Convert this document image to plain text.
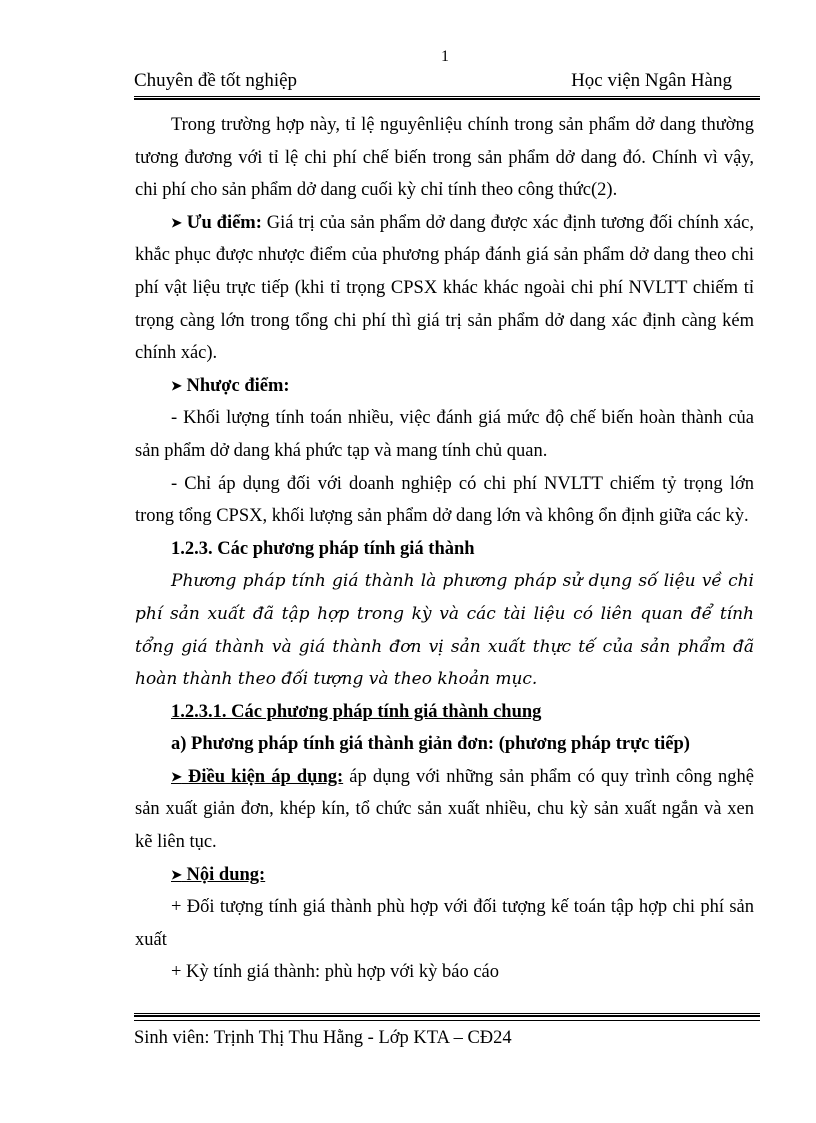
1
Chuyên đề tốt nghiệp	Học viện Ngân Hàng

Trong trường hợp này, tỉ lệ nguyênliệu chính trong sản phẩm dở dang thường tương đương với tỉ lệ chi phí chế biến trong sản phẩm dở dang đó. Chính vì vậy, chi phí cho sản phẩm dở dang cuối kỳ chỉ tính theo công thức(2).

➤ Ưu điểm: Giá trị của sản phẩm dở dang được xác định tương đối chính xác, khắc phục được nhược điểm của phương pháp đánh giá sản phẩm dở dang theo chi phí vật liệu trực tiếp (khi tỉ trọng CPSX khác khác ngoài chi phí NVLTT chiếm tỉ trọng càng lớn trong tổng chi phí thì giá trị sản phẩm dở dang xác định càng kém chính xác).

➤ Nhược điểm:

- Khối lượng tính toán nhiều, việc đánh giá mức độ chế biến hoàn thành của sản phẩm dở dang khá phức tạp và mang tính chủ quan.

- Chỉ áp dụng đối với doanh nghiệp có chi phí NVLTT chiếm tỷ trọng lớn trong tổng CPSX, khối lượng sản phẩm dở dang lớn và không ổn định giữa các kỳ.

1.2.3. Các phương pháp tính giá thành

Phương pháp tính giá thành là phương pháp sử dụng số liệu về chi phí sản xuất đã tập hợp trong kỳ và các tài liệu có liên quan để tính tổng giá thành và giá thành đơn vị sản xuất thực tế của sản phẩm đã hoàn thành theo đối tượng và theo khoản mục.

1.2.3.1. Các phương pháp tính giá thành chung

a) Phương pháp tính giá thành giản đơn: (phương pháp trực tiếp)

➤ Điều kiện áp dụng: áp dụng với những sản phẩm có quy trình công nghệ sản xuất giản đơn, khép kín, tổ chức sản xuất nhiều, chu kỳ sản xuất ngắn và xen kẽ liên tục.

➤ Nội dung:

+ Đối tượng tính giá thành phù hợp với đối tượng kế toán tập hợp chi phí sản xuất

+ Kỳ tính giá thành: phù hợp với kỳ báo cáo

Sinh viên: Trịnh Thị Thu Hằng - Lớp KTA – CĐ24
